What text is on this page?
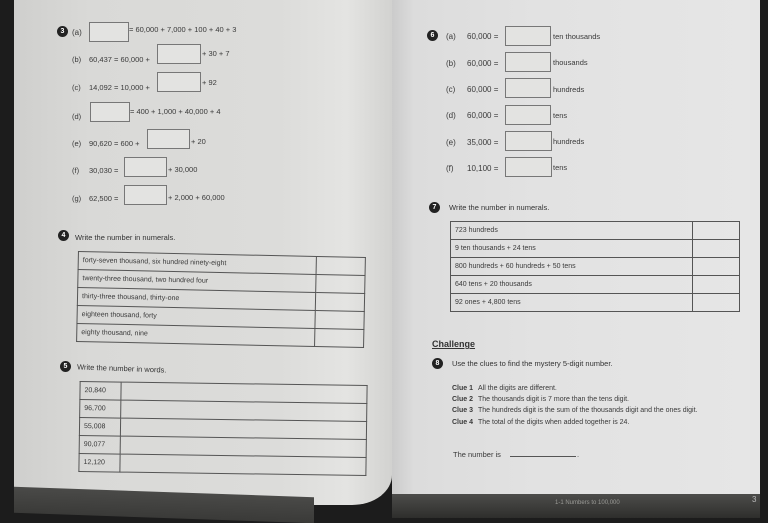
3 (a)	= 60,000 + 7,000 + 100 + 40 + 3
(b) 60,437 = 60,000 +
+ 30 + 7
(c) 14,092 = 10,000 +
+ 92
(d)
= 400 + 1,000 + 40,000 + 4
(e) 90,620 = 600 +	+ 20
(f) 30,030 =	+ 30,000
(g) 62,500 =	+ 2,000 + 60,000
4	Write the number in numerals.
forty-seven thousand, six hundred ninety-eight	
twenty-three thousand, two hundred four	
thirty-three thousand, thirty-one	
eighteen thousand, forty	
eighty thousand, nine	
5	Write the number in words.
20,840	
96,700	
55,008	
90,077	
12,120	
6	(a) 60,000 =	ten thousands
(b) 60,000 =	thousands
(c) 60,000 =	hundreds
(d) 60,000 =	tens
(e) 35,000 =	hundreds
(f) 10,100 =	tens
7	Write the number in numerals.
723 hundreds	
9 ten thousands + 24 tens	
800 hundreds + 60 hundreds + 50 tens	
640 tens + 20 thousands	
92 ones + 4,800 tens	
Challenge
8	Use the clues to find the mystery 5-digit number.
Clue 1 All the digits are different.
Clue 2 The thousands digit is 7 more than the tens digit.
Clue 3 The hundreds digit is the sum of the thousands digit and the ones digit.
Clue 4 The total of the digits when added together is 24.
The number is	.
1-1 Numbers to 100,000	3
